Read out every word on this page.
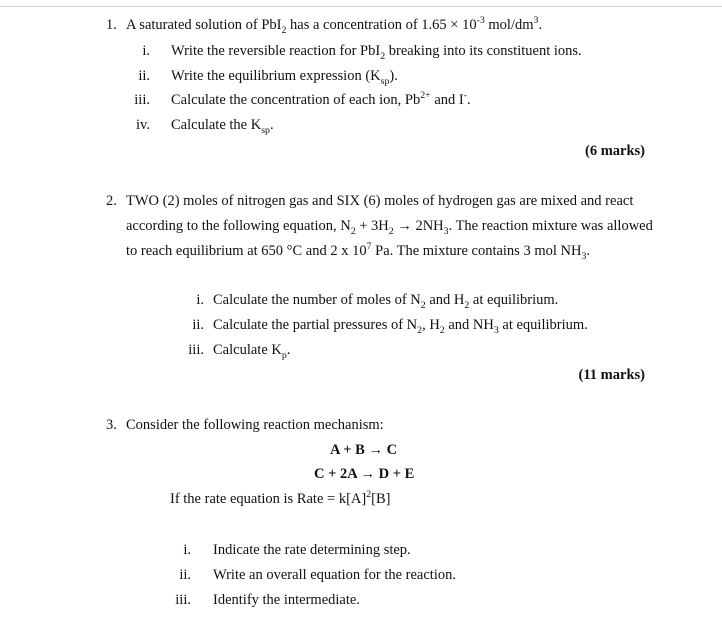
1. A saturated solution of PbI$_2$ has a concentration of $1.65 \times 10^{-3}$ mol/$dm^3$.
i. Write the reversible reaction for PbI$_2$ breaking into its constituent ions.
ii. Write the equilibrium expression $(K_{sp})$.
iii. Calculate the concentration of each ion, $Pb^{2+}$ and I-.
iv. Calculate the $K_{sp}$.
(6 marks)
2. TWO (2) moles of nitrogen gas and SIX (6) moles of hydrogen gas are mixed and react
according to the following equation, $N_2 + 3H_2 \to 2NH_3$. The reaction mixture was allowed
to reach equilibrium at 650 °C and 2 x $10^7$ Pa. The mixture contains 3 mol $NH_3$.
i. Calculate the number of moles of $N_2$ and $H_2$ at equilibrium.
ii. Calculate the partial pressures of $N_2$, $H_2$ and $NH_3$ at equilibrium.
iii. Calculate $K_p$.
(11 marks)
3. Consider the following reaction mechanism:
A + B → C
C + 2A → D + E
If the rate equation is Rate = $k[A]^2[B]$
i. Indicate the rate determining step.
ii. Write an overall equation for the reaction.
iii. Identify the intermediate.
